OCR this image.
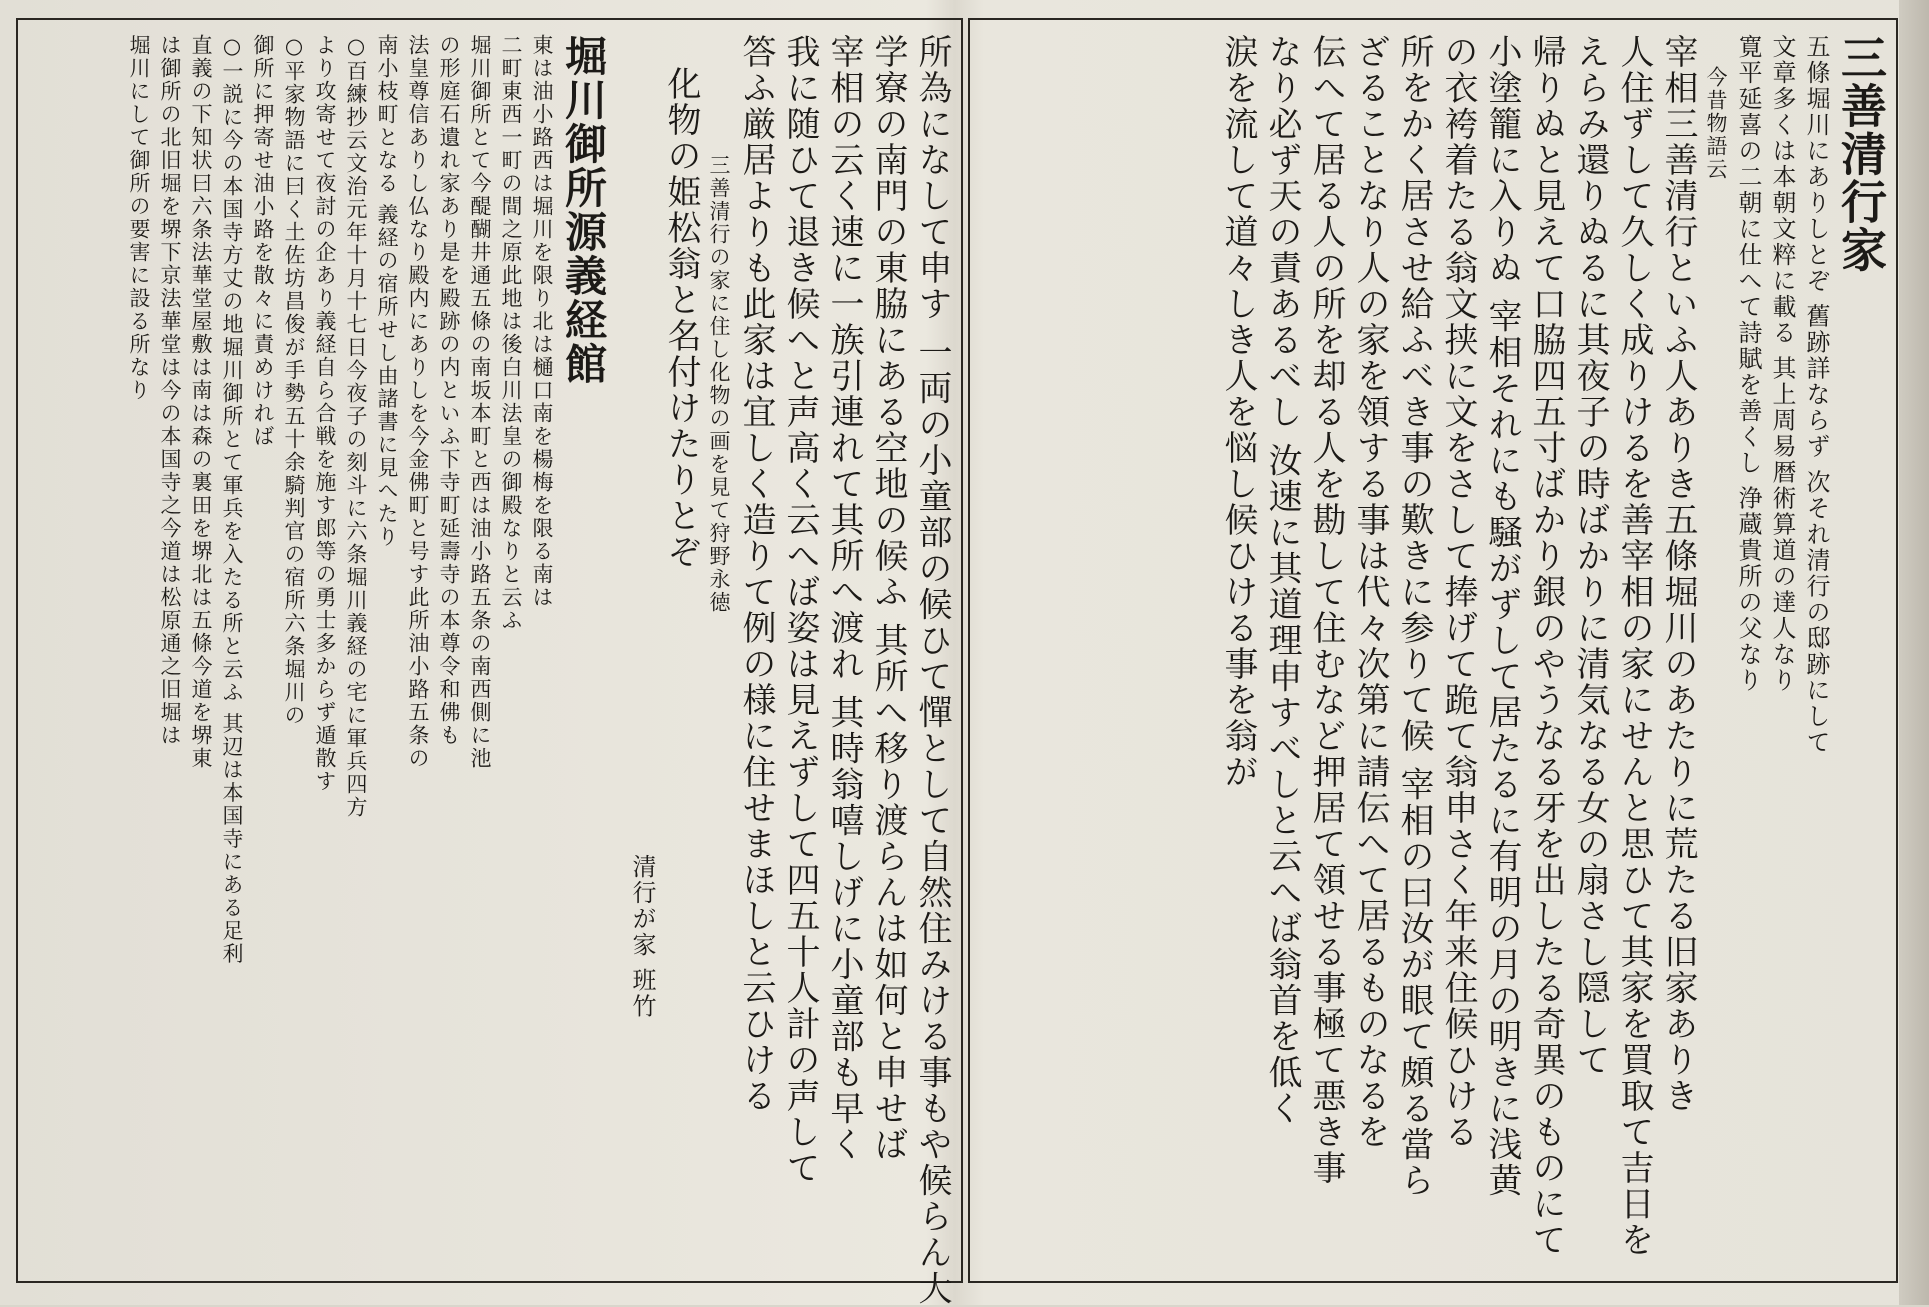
三善清行家
五條堀川にありしとぞ 舊跡詳ならず 次それ清行の邸跡にして
文章多くは本朝文粹に載る 其上周易暦術算道の達人なり
寛平延喜の二朝に仕へて詩賦を善くし 浄蔵貴所の父なり
今昔物語云
宰相三善清行といふ人ありき五條堀川のあたりに荒たる旧家ありき
人住ずして久しく成りけるを善宰相の家にせんと思ひて其家を買取て吉日を
えらみ還りぬるに其夜子の時ばかりに清気なる女の扇さし隠して
帰りぬと見えて口脇四五寸ばかり銀のやうなる牙を出したる奇異のものにて
小塗籠に入りぬ 宰相それにも騒がずして居たるに有明の月の明きに浅黄
の衣袴着たる翁文挟に文をさして捧げて跪て翁申さく年来住候ひける
所をかく居させ給ふべき事の歎きに参りて候 宰相の曰汝が眼て頗る當ら
ざることなり人の家を領する事は代々次第に請伝へて居るものなるを
伝へて居る人の所を却る人を勘して住むなど押居て領せる事極て悪き事
なり必ず天の責あるべし 汝速に其道理申すべしと云へば翁首を低く
涙を流して道々しき人を悩し候ひける事を翁が
所為になして申す 一両の小童部の候ひて憚として自然住みける事もや候らん大
学寮の南門の東脇にある空地の候ふ 其所へ移り渡らんは如何と申せば
宰相の云く速に一族引連れて其所へ渡れ 其時翁嘻しげに小童部も早く
我に随ひて退き候へと声高く云へば姿は見えずして四五十人計の声して
答ふ厳居よりも此家は宜しく造りて例の様に住せまほしと云ひける
三善清行の家に住し化物の画を見て狩野永徳
化物の姫松翁と名付けたりとぞ
清行が家 班竹
堀川御所源義経館
東は油小路西は堀川を限り北は樋口南を楊梅を限る南は
二町東西一町の間之原此地は後白川法皇の御殿なりと云ふ
堀川御所とて今醍醐井通五條の南坂本町と西は油小路五条の南西側に池
の形庭石遺れ家あり是を殿跡の内といふ下寺町延壽寺の本尊令和佛も
法皇尊信ありし仏なり殿内にありしを今金佛町と号す此所油小路五条の
南小枝町となる 義経の宿所せし由諸書に見へたり
○百練抄云文治元年十月十七日今夜子の刻斗に六条堀川義経の宅に軍兵四方
より攻寄せて夜討の企あり義経自ら合戦を施す郎等の勇士多からず遁散す
○平家物語に曰く土佐坊昌俊が手勢五十余騎判官の宿所六条堀川の
御所に押寄せ油小路を散々に責めければ
○一説に今の本国寺方丈の地堀川御所とて軍兵を入たる所と云ふ 其辺は本国寺にある足利
直義の下知状曰六条法華堂屋敷は南は森の裏田を堺北は五條今道を堺東
は御所の北旧堀を堺下京法華堂は今の本国寺之今道は松原通之旧堀は
堀川にして御所の要害に設る所なり
